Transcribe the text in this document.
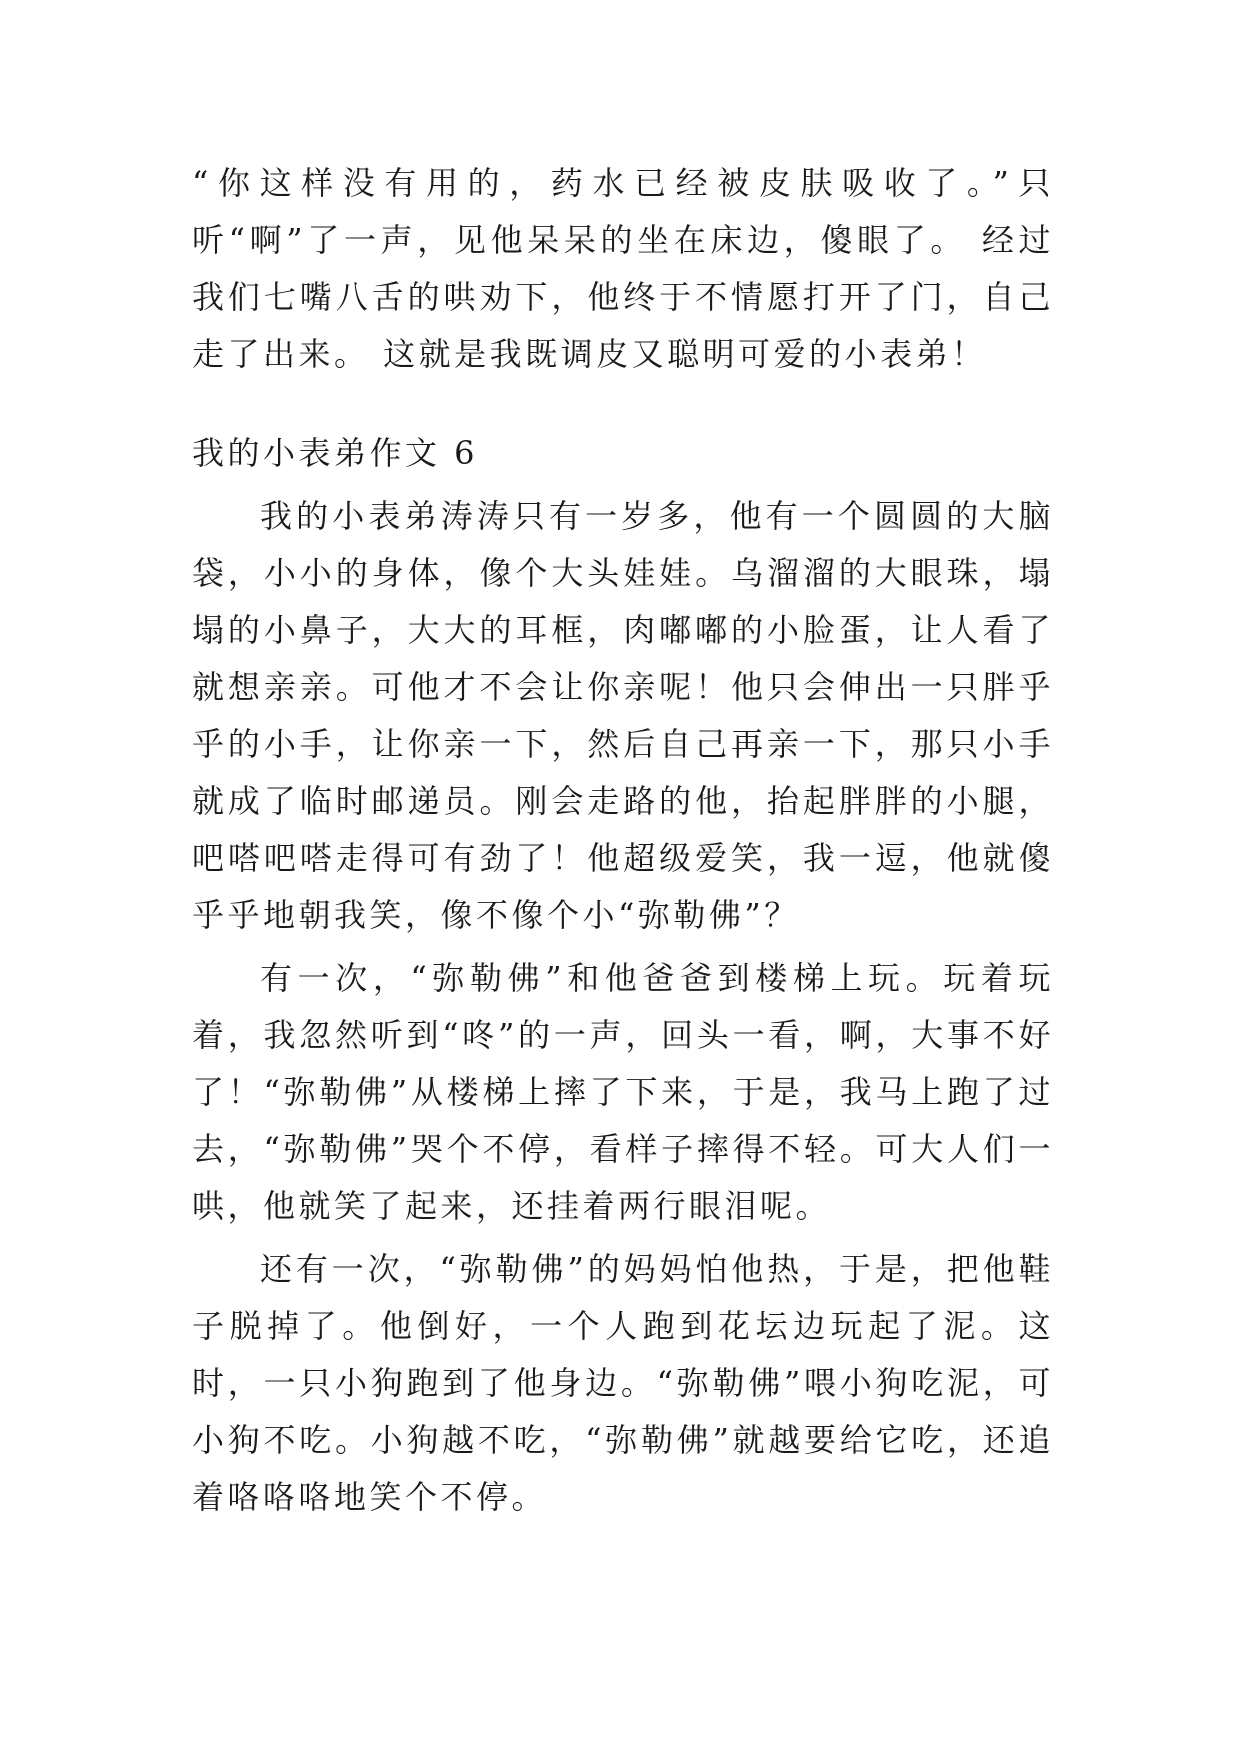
“你这样没有用的，药水已经被皮肤吸收了。”只听“啊”了一声，见他呆呆的坐在床边，傻眼了。 经过我们七嘴八舌的哄劝下，他终于不情愿打开了门，自己走了出来。 这就是我既调皮又聪明可爱的小表弟！

我的小表弟作文 6

我的小表弟涛涛只有一岁多，他有一个圆圆的大脑袋，小小的身体，像个大头娃娃。乌溜溜的大眼珠，塌塌的小鼻子，大大的耳框，肉嘟嘟的小脸蛋，让人看了就想亲亲。可他才不会让你亲呢！他只会伸出一只胖乎乎的小手，让你亲一下，然后自己再亲一下，那只小手就成了临时邮递员。刚会走路的他，抬起胖胖的小腿，吧嗒吧嗒走得可有劲了！他超级爱笑，我一逗，他就傻乎乎地朝我笑，像不像个小“弥勒佛”？

有一次，“弥勒佛”和他爸爸到楼梯上玩。玩着玩着，我忽然听到“咚”的一声，回头一看，啊，大事不好了！“弥勒佛”从楼梯上摔了下来，于是，我马上跑了过去，“弥勒佛”哭个不停，看样子摔得不轻。可大人们一哄，他就笑了起来，还挂着两行眼泪呢。

还有一次，“弥勒佛”的妈妈怕他热，于是，把他鞋子脱掉了。他倒好，一个人跑到花坛边玩起了泥。这时，一只小狗跑到了他身边。“弥勒佛”喂小狗吃泥，可小狗不吃。小狗越不吃，“弥勒佛”就越要给它吃，还追着咯咯咯地笑个不停。
